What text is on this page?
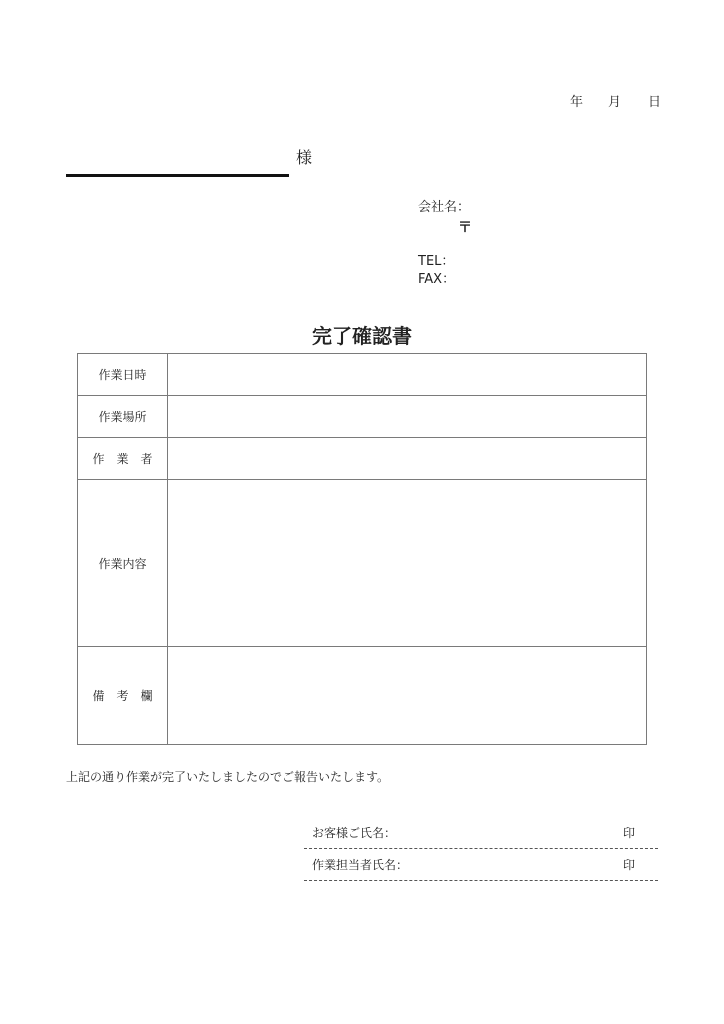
年 月 日
様
会社名：
〒
TEL：
FAX：
完了確認書
作業日時	
作業場所	
作　業　者	
作業内容	
備　考　欄	
上記の通り作業が完了いたしましたのでご報告いたします。
お客様ご氏名：	印
作業担当者氏名：	印
